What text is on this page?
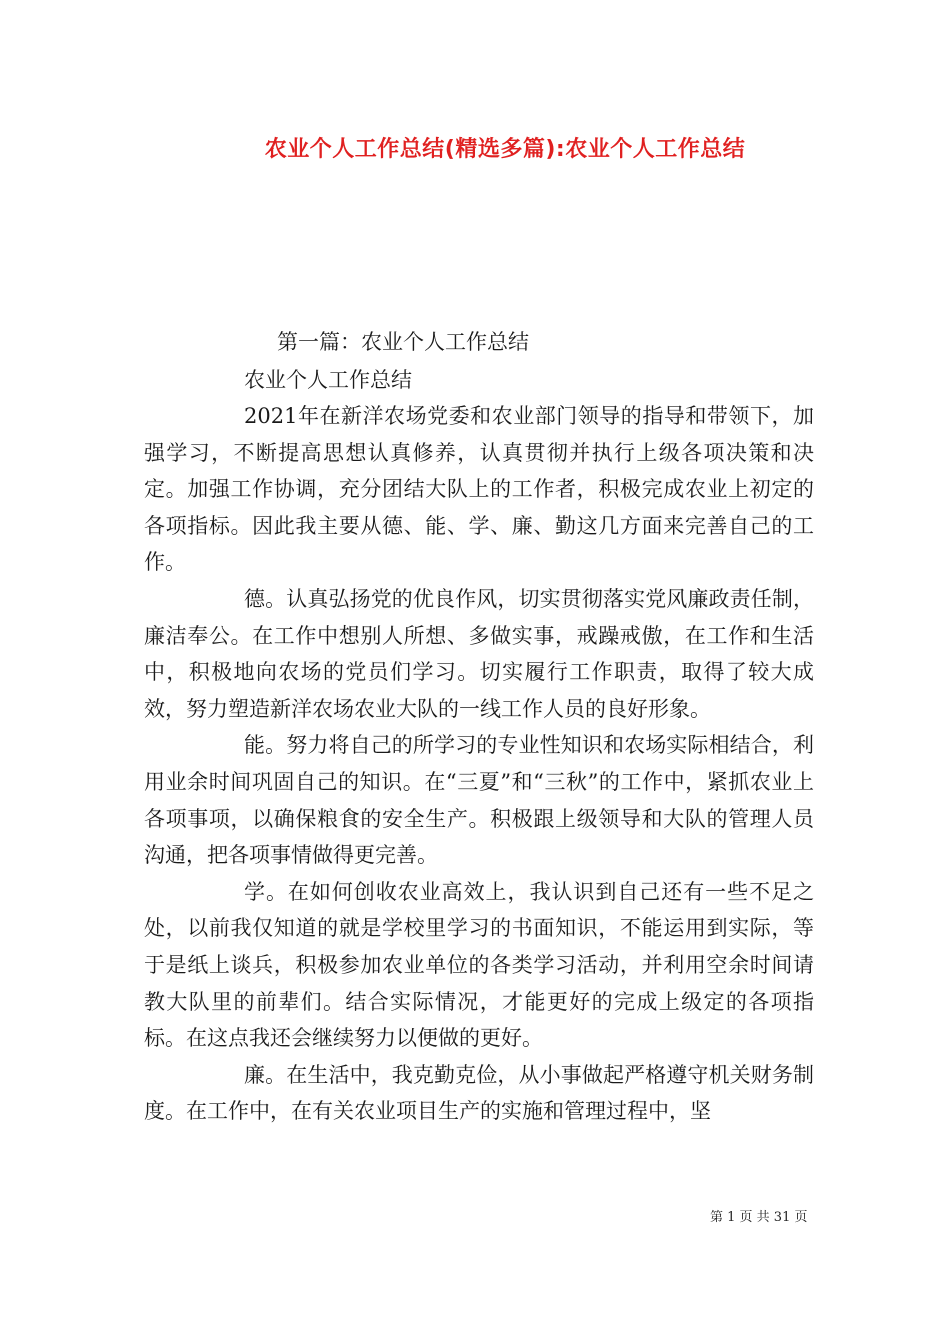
农业个人工作总结(精选多篇):农业个人工作总结
第一篇：农业个人工作总结
农业个人工作总结

2021年在新洋农场党委和农业部门领导的指导和带领下，加强学习，不断提高思想认真修养，认真贯彻并执行上级各项决策和决定。加强工作协调，充分团结大队上的工作者，积极完成农业上初定的各项指标。因此我主要从德、能、学、廉、勤这几方面来完善自己的工作。

德。认真弘扬党的优良作风，切实贯彻落实党风廉政责任制，廉洁奉公。在工作中想别人所想、多做实事，戒躁戒傲，在工作和生活中，积极地向农场的党员们学习。切实履行工作职责，取得了较大成效，努力塑造新洋农场农业大队的一线工作人员的良好形象。

能。努力将自己的所学习的专业性知识和农场实际相结合，利用业余时间巩固自己的知识。在“三夏”和“三秋”的工作中，紧抓农业上各项事项，以确保粮食的安全生产。积极跟上级领导和大队的管理人员沟通，把各项事情做得更完善。

学。在如何创收农业高效上，我认识到自己还有一些不足之处，以前我仅知道的就是学校里学习的书面知识，不能运用到实际，等于是纸上谈兵，积极参加农业单位的各类学习活动，并利用空余时间请教大队里的前辈们。结合实际情况，才能更好的完成上级定的各项指标。在这点我还会继续努力以便做的更好。

廉。在生活中，我克勤克俭，从小事做起严格遵守机关财务制度。在工作中，在有关农业项目生产的实施和管理过程中，坚

第 1 页 共 31 页
